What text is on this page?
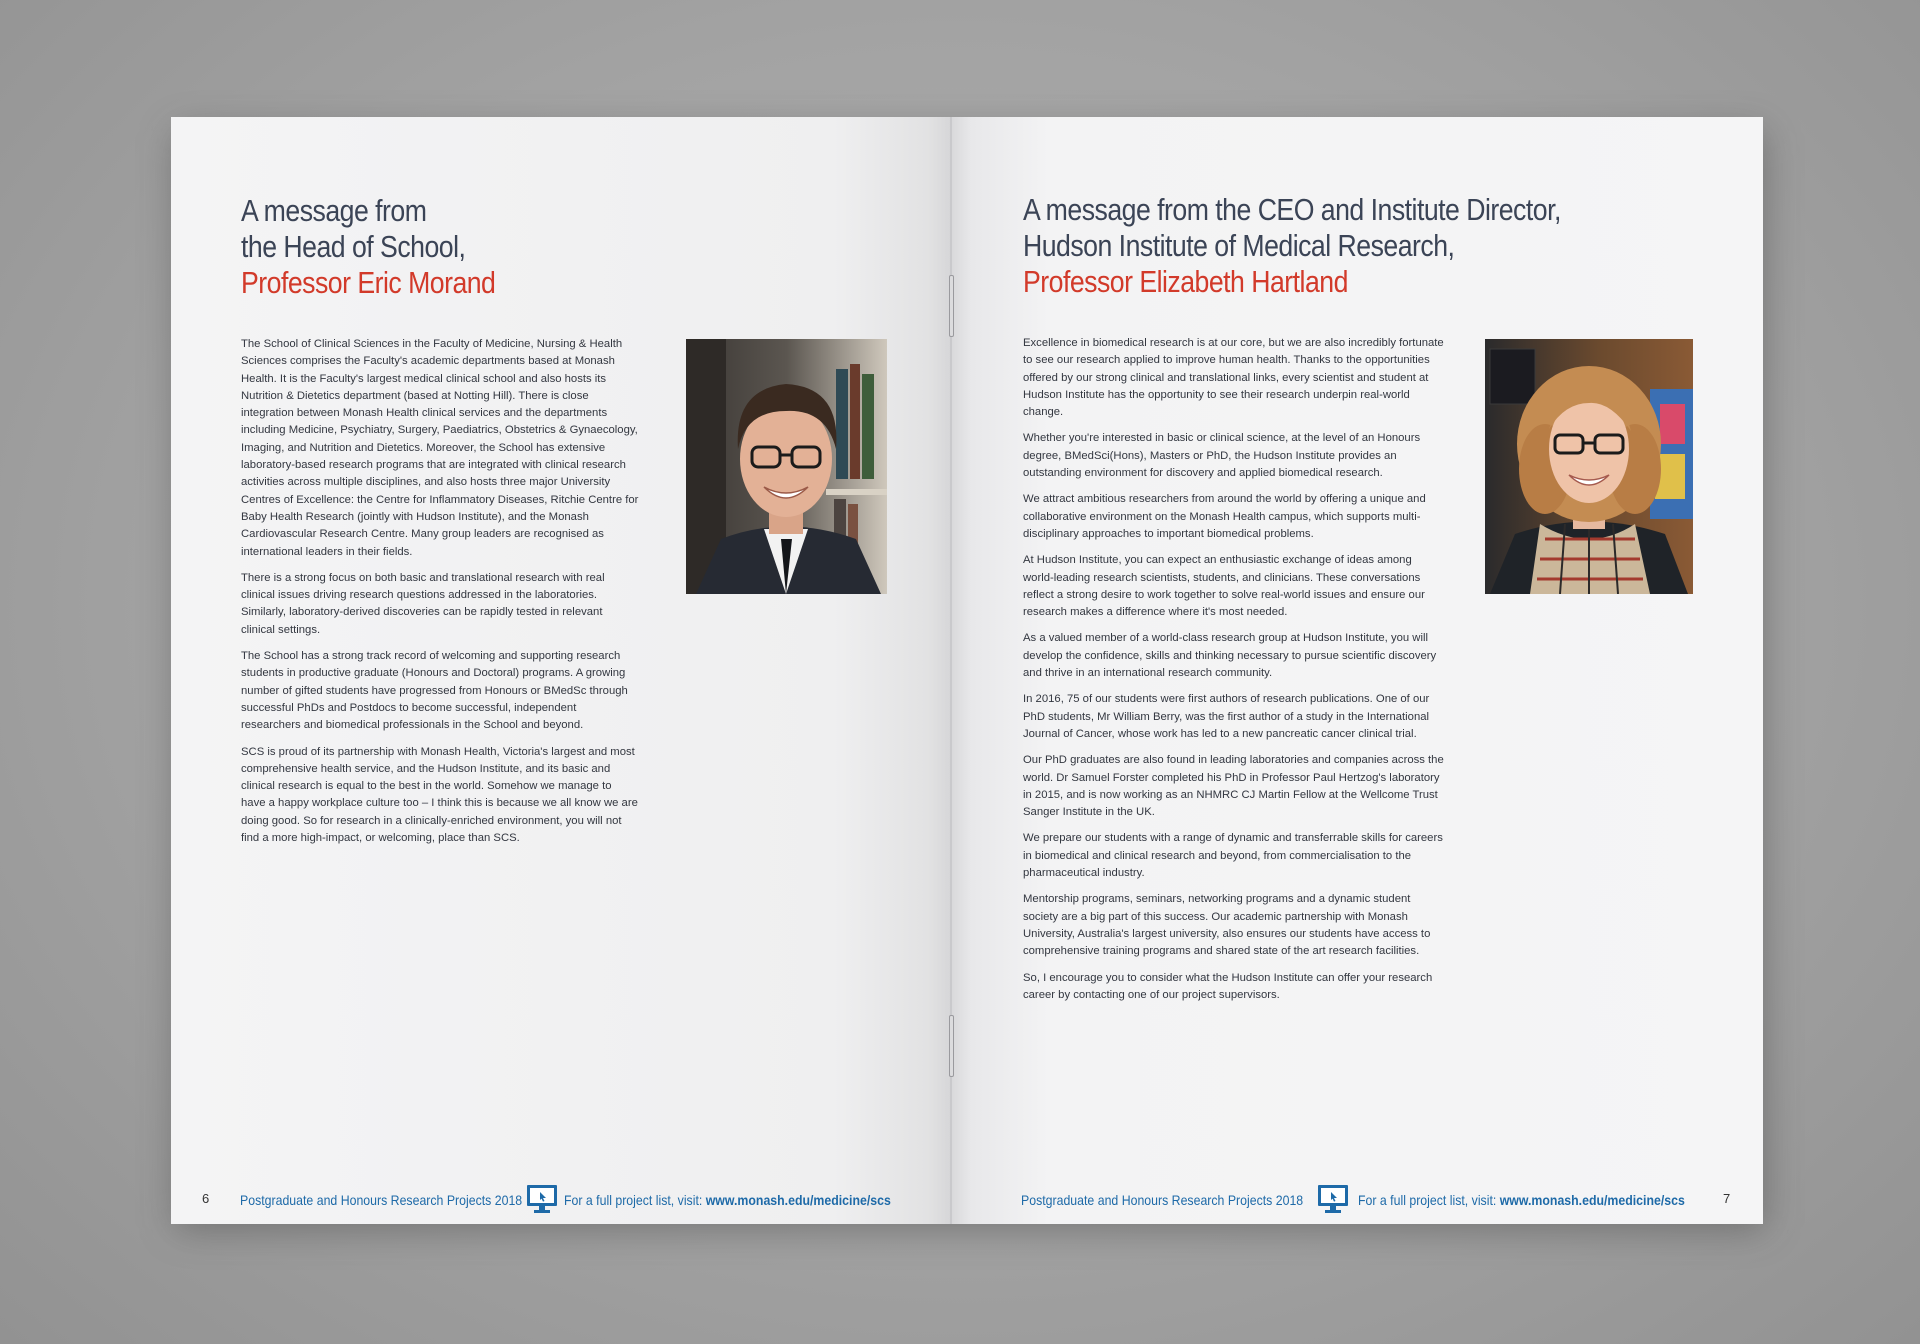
A message from
the Head of School,
Professor Eric Morand

The School of Clinical Sciences in the Faculty of Medicine, Nursing & Health Sciences comprises the Faculty's academic departments based at Monash Health. It is the Faculty's largest medical clinical school and also hosts its Nutrition & Dietetics department (based at Notting Hill). There is close integration between Monash Health clinical services and the departments including Medicine, Psychiatry, Surgery, Paediatrics, Obstetrics & Gynaecology, Imaging, and Nutrition and Dietetics. Moreover, the School has extensive laboratory-based research programs that are integrated with clinical research activities across multiple disciplines, and also hosts three major University Centres of Excellence: the Centre for Inflammatory Diseases, Ritchie Centre for Baby Health Research (jointly with Hudson Institute), and the Monash Cardiovascular Research Centre. Many group leaders are recognised as international leaders in their fields.

There is a strong focus on both basic and translational research with real clinical issues driving research questions addressed in the laboratories. Similarly, laboratory-derived discoveries can be rapidly tested in relevant clinical settings.

The School has a strong track record of welcoming and supporting research students in productive graduate (Honours and Doctoral) programs. A growing number of gifted students have progressed from Honours or BMedSc through successful PhDs and Postdocs to become successful, independent researchers and biomedical professionals in the School and beyond.

SCS is proud of its partnership with Monash Health, Victoria's largest and most comprehensive health service, and the Hudson Institute, and its basic and clinical research is equal to the best in the world. Somehow we manage to have a happy workplace culture too – I think this is because we all know we are doing good. So for research in a clinically-enriched environment, you will not find a more high-impact, or welcoming, place than SCS.

A message from the CEO and Institute Director,
Hudson Institute of Medical Research,
Professor Elizabeth Hartland

Excellence in biomedical research is at our core, but we are also incredibly fortunate to see our research applied to improve human health. Thanks to the opportunities offered by our strong clinical and translational links, every scientist and student at Hudson Institute has the opportunity to see their research underpin real-world change.

Whether you're interested in basic or clinical science, at the level of an Honours degree, BMedSci(Hons), Masters or PhD, the Hudson Institute provides an outstanding environment for discovery and applied biomedical research.

We attract ambitious researchers from around the world by offering a unique and collaborative environment on the Monash Health campus, which supports multi-disciplinary approaches to important biomedical problems.

At Hudson Institute, you can expect an enthusiastic exchange of ideas among world-leading research scientists, students, and clinicians. These conversations reflect a strong desire to work together to solve real-world issues and ensure our research makes a difference where it's most needed.

As a valued member of a world-class research group at Hudson Institute, you will develop the confidence, skills and thinking necessary to pursue scientific discovery and thrive in an international research community.

In 2016, 75 of our students were first authors of research publications. One of our PhD students, Mr William Berry, was the first author of a study in the International Journal of Cancer, whose work has led to a new pancreatic cancer clinical trial.

Our PhD graduates are also found in leading laboratories and companies across the world. Dr Samuel Forster completed his PhD in Professor Paul Hertzog's laboratory in 2015, and is now working as an NHMRC CJ Martin Fellow at the Wellcome Trust Sanger Institute in the UK.

We prepare our students with a range of dynamic and transferrable skills for careers in biomedical and clinical research and beyond, from commercialisation to the pharmaceutical industry.

Mentorship programs, seminars, networking programs and a dynamic student society are a big part of this success. Our academic partnership with Monash University, Australia's largest university, also ensures our students have access to comprehensive training programs and shared state of the art research facilities.

So, I encourage you to consider what the Hudson Institute can offer your research career by contacting one of our project supervisors.

6 Postgraduate and Honours Research Projects 2018	For a full project list, visit: www.monash.edu/medicine/scs	Postgraduate and Honours Research Projects 2018	For a full project list, visit: www.monash.edu/medicine/scs	7
